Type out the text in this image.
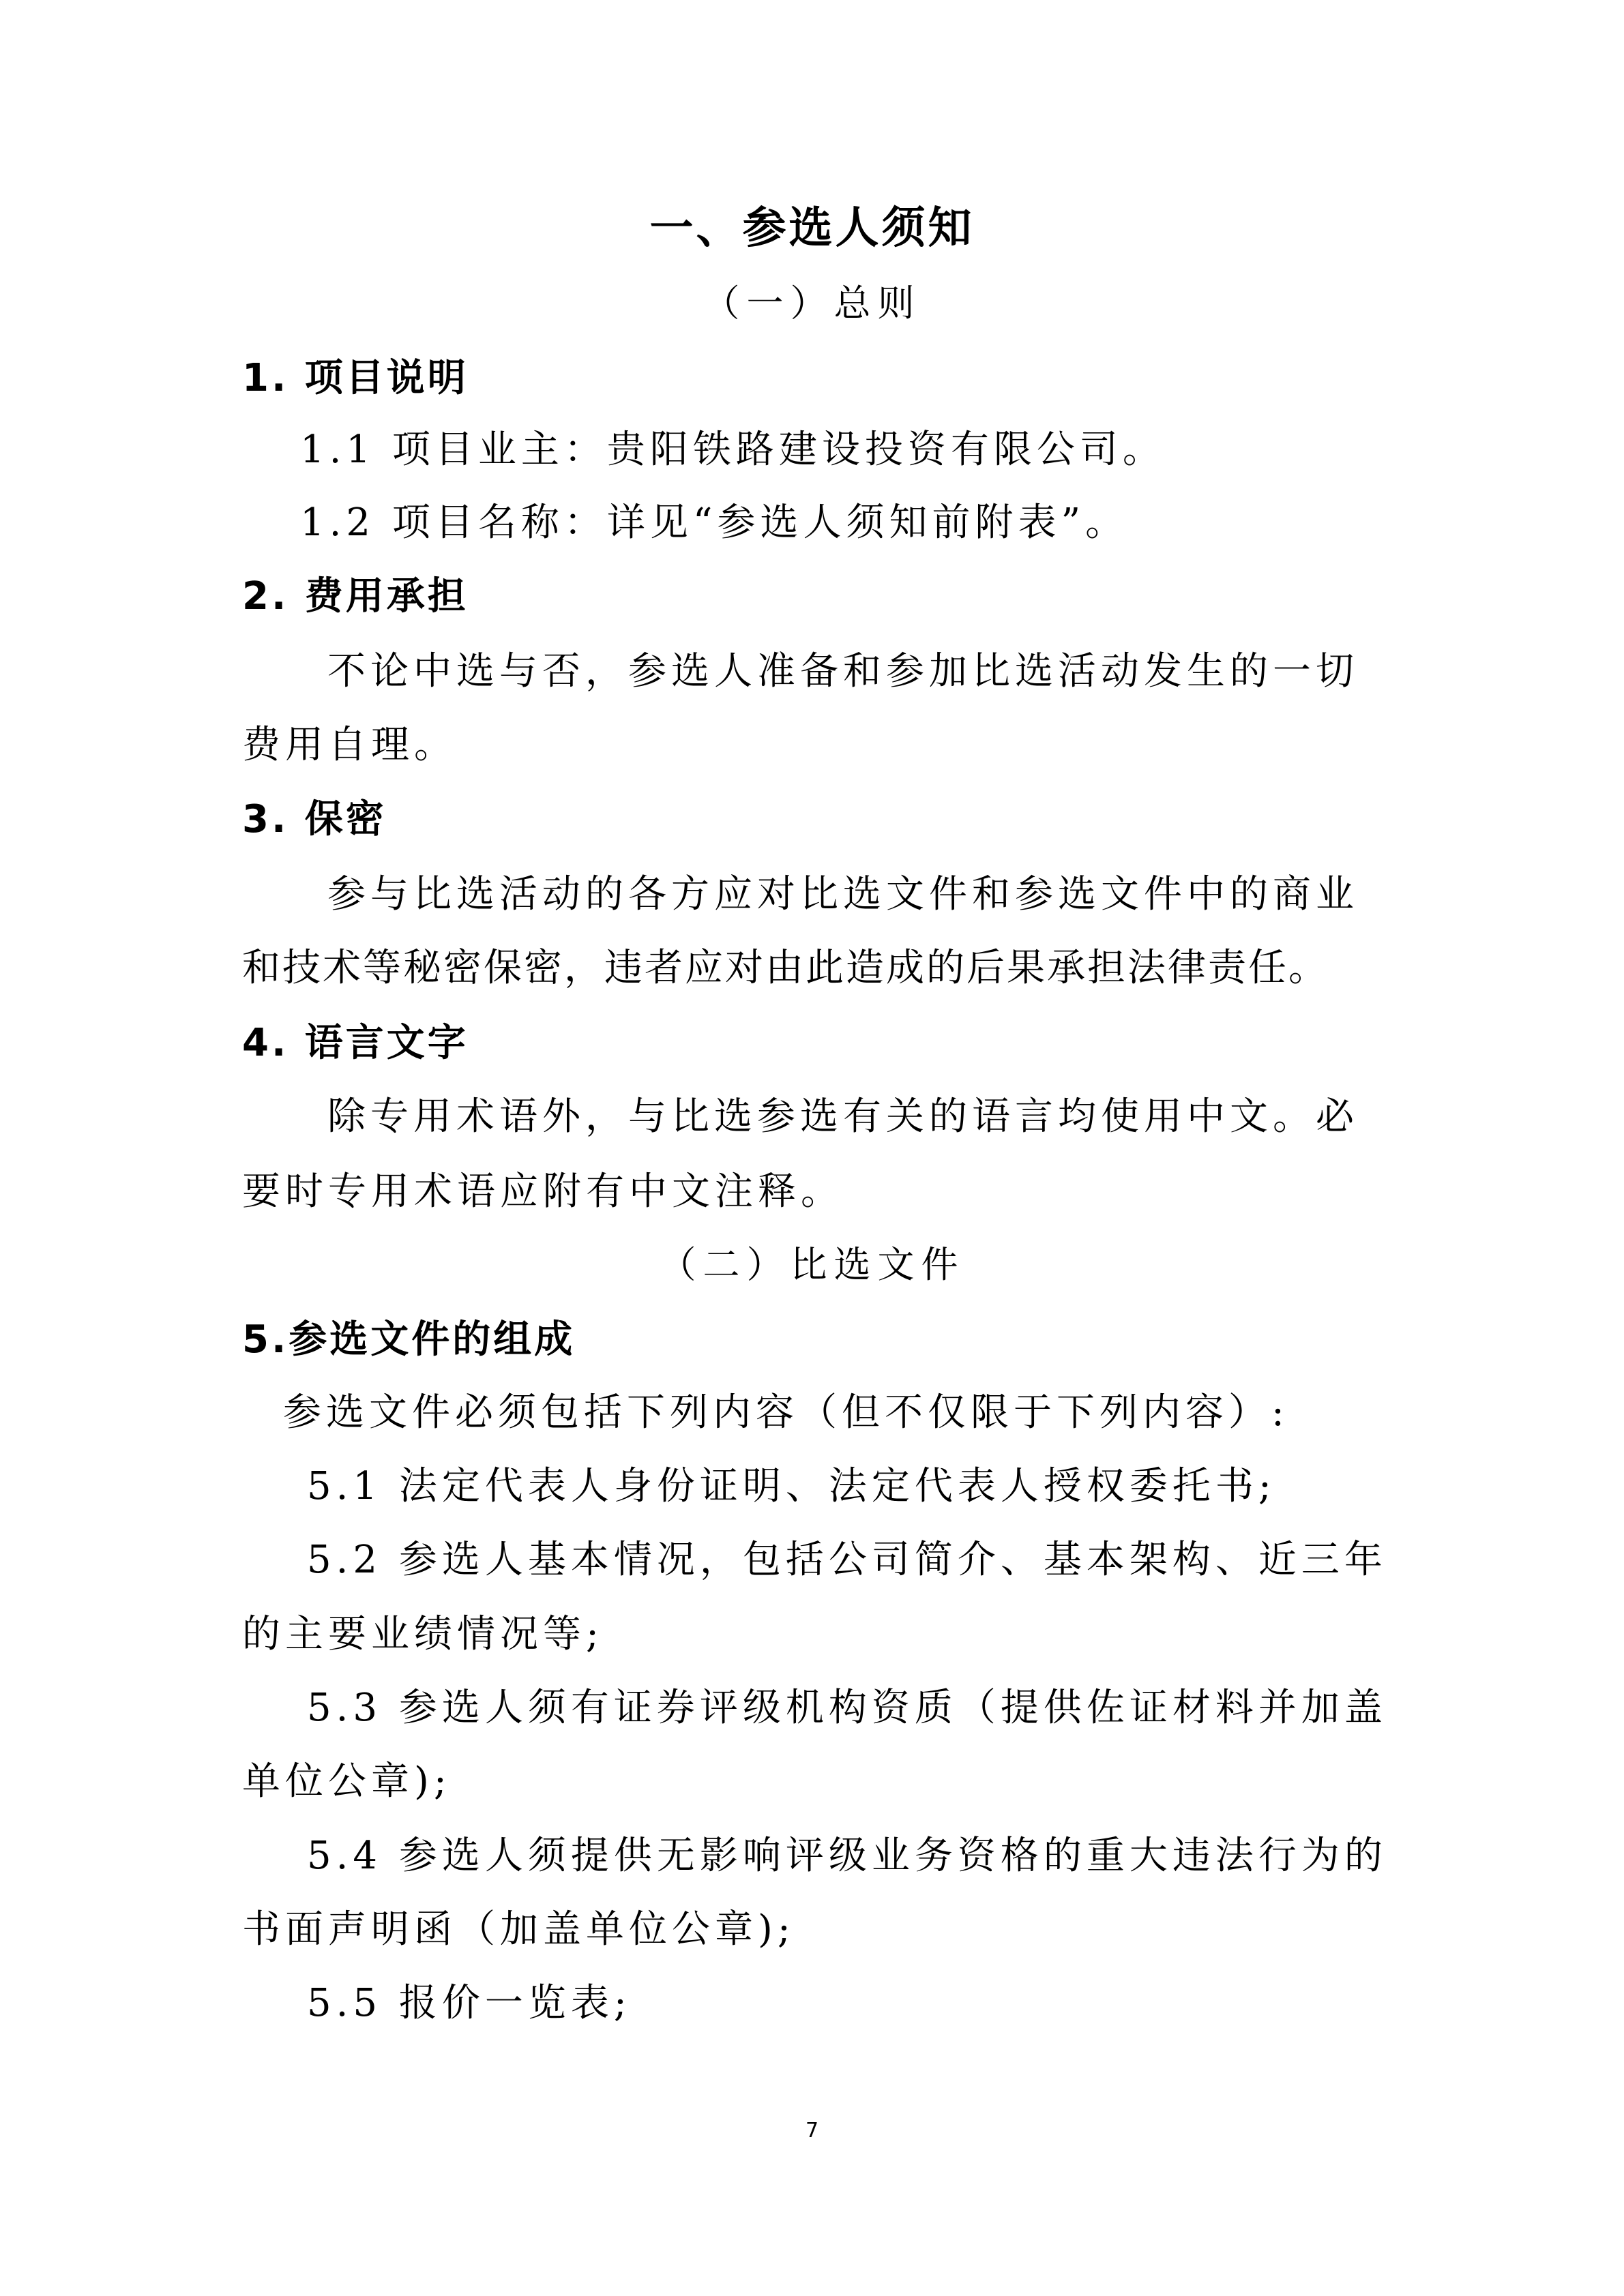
一、参选人须知
（一）总则
1. 项目说明
1.1 项目业主：贵阳铁路建设投资有限公司。
1.2 项目名称：详见“参选人须知前附表”。
2. 费用承担
不论中选与否，参选人准备和参加比选活动发生的一切
费用自理。
3. 保密
参与比选活动的各方应对比选文件和参选文件中的商业
和技术等秘密保密，违者应对由此造成的后果承担法律责任。
4. 语言文字
除专用术语外，与比选参选有关的语言均使用中文。必
要时专用术语应附有中文注释。
（二）比选文件
5.参选文件的组成
参选文件必须包括下列内容（但不仅限于下列内容）:
5.1 法定代表人身份证明、法定代表人授权委托书;
5.2 参选人基本情况，包括公司简介、基本架构、近三年
的主要业绩情况等;
5.3 参选人须有证券评级机构资质（提供佐证材料并加盖
单位公章);
5.4 参选人须提供无影响评级业务资格的重大违法行为的
书面声明函（加盖单位公章);
5.5 报价一览表;
7
